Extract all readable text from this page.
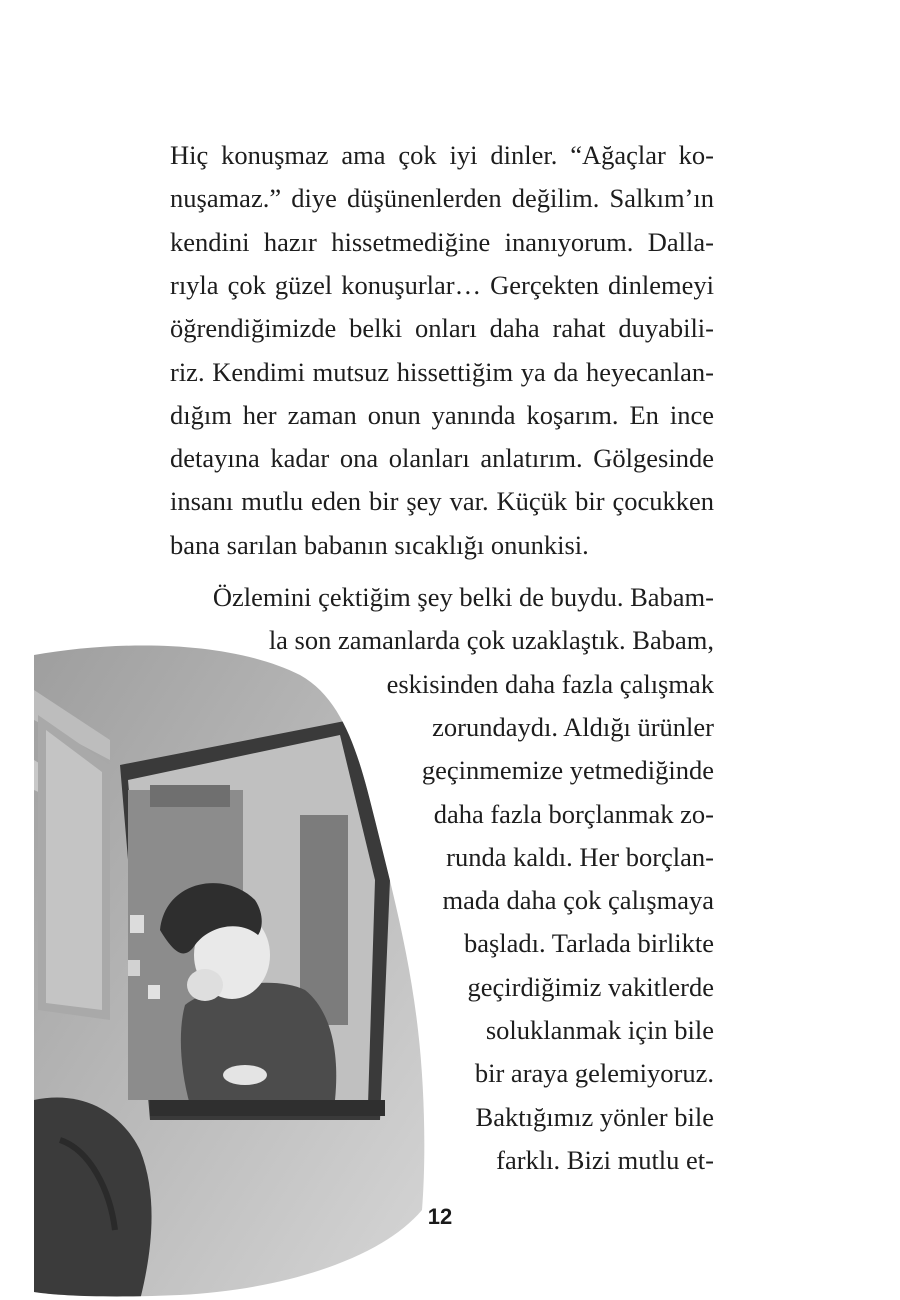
Hiç konuşmaz ama çok iyi dinler. “Ağaçlar ko-
nuşamaz.” diye düşünenlerden değilim. Salkım’ın
kendini hazır hissetmediğine inanıyorum. Dalla-
rıyla çok güzel konuşurlar… Gerçekten dinlemeyi
öğrendiğimizde belki onları daha rahat duyabili-
riz. Kendimi mutsuz hissettiğim ya da heyecanlan-
dığım her zaman onun yanında koşarım. En ince
detayına kadar ona olanları anlatırım. Gölgesinde
insanı mutlu eden bir şey var. Küçük bir çocukken
bana sarılan babanın sıcaklığı onunkisi.
Özlemini çektiğim şey belki de buydu. Babam-
la son zamanlarda çok uzaklaştık. Babam,
eskisinden daha fazla çalışmak
zorundaydı. Aldığı ürünler
geçinmemize yetmediğinde
daha fazla borçlanmak zo-
runda kaldı. Her borçlan-
mada daha çok çalışmaya
başladı. Tarlada birlikte
geçirdiğimiz vakitlerde
soluklanmak için bile
bir araya gelemiyoruz.
Baktığımız yönler bile
farklı. Bizi mutlu et-
12
